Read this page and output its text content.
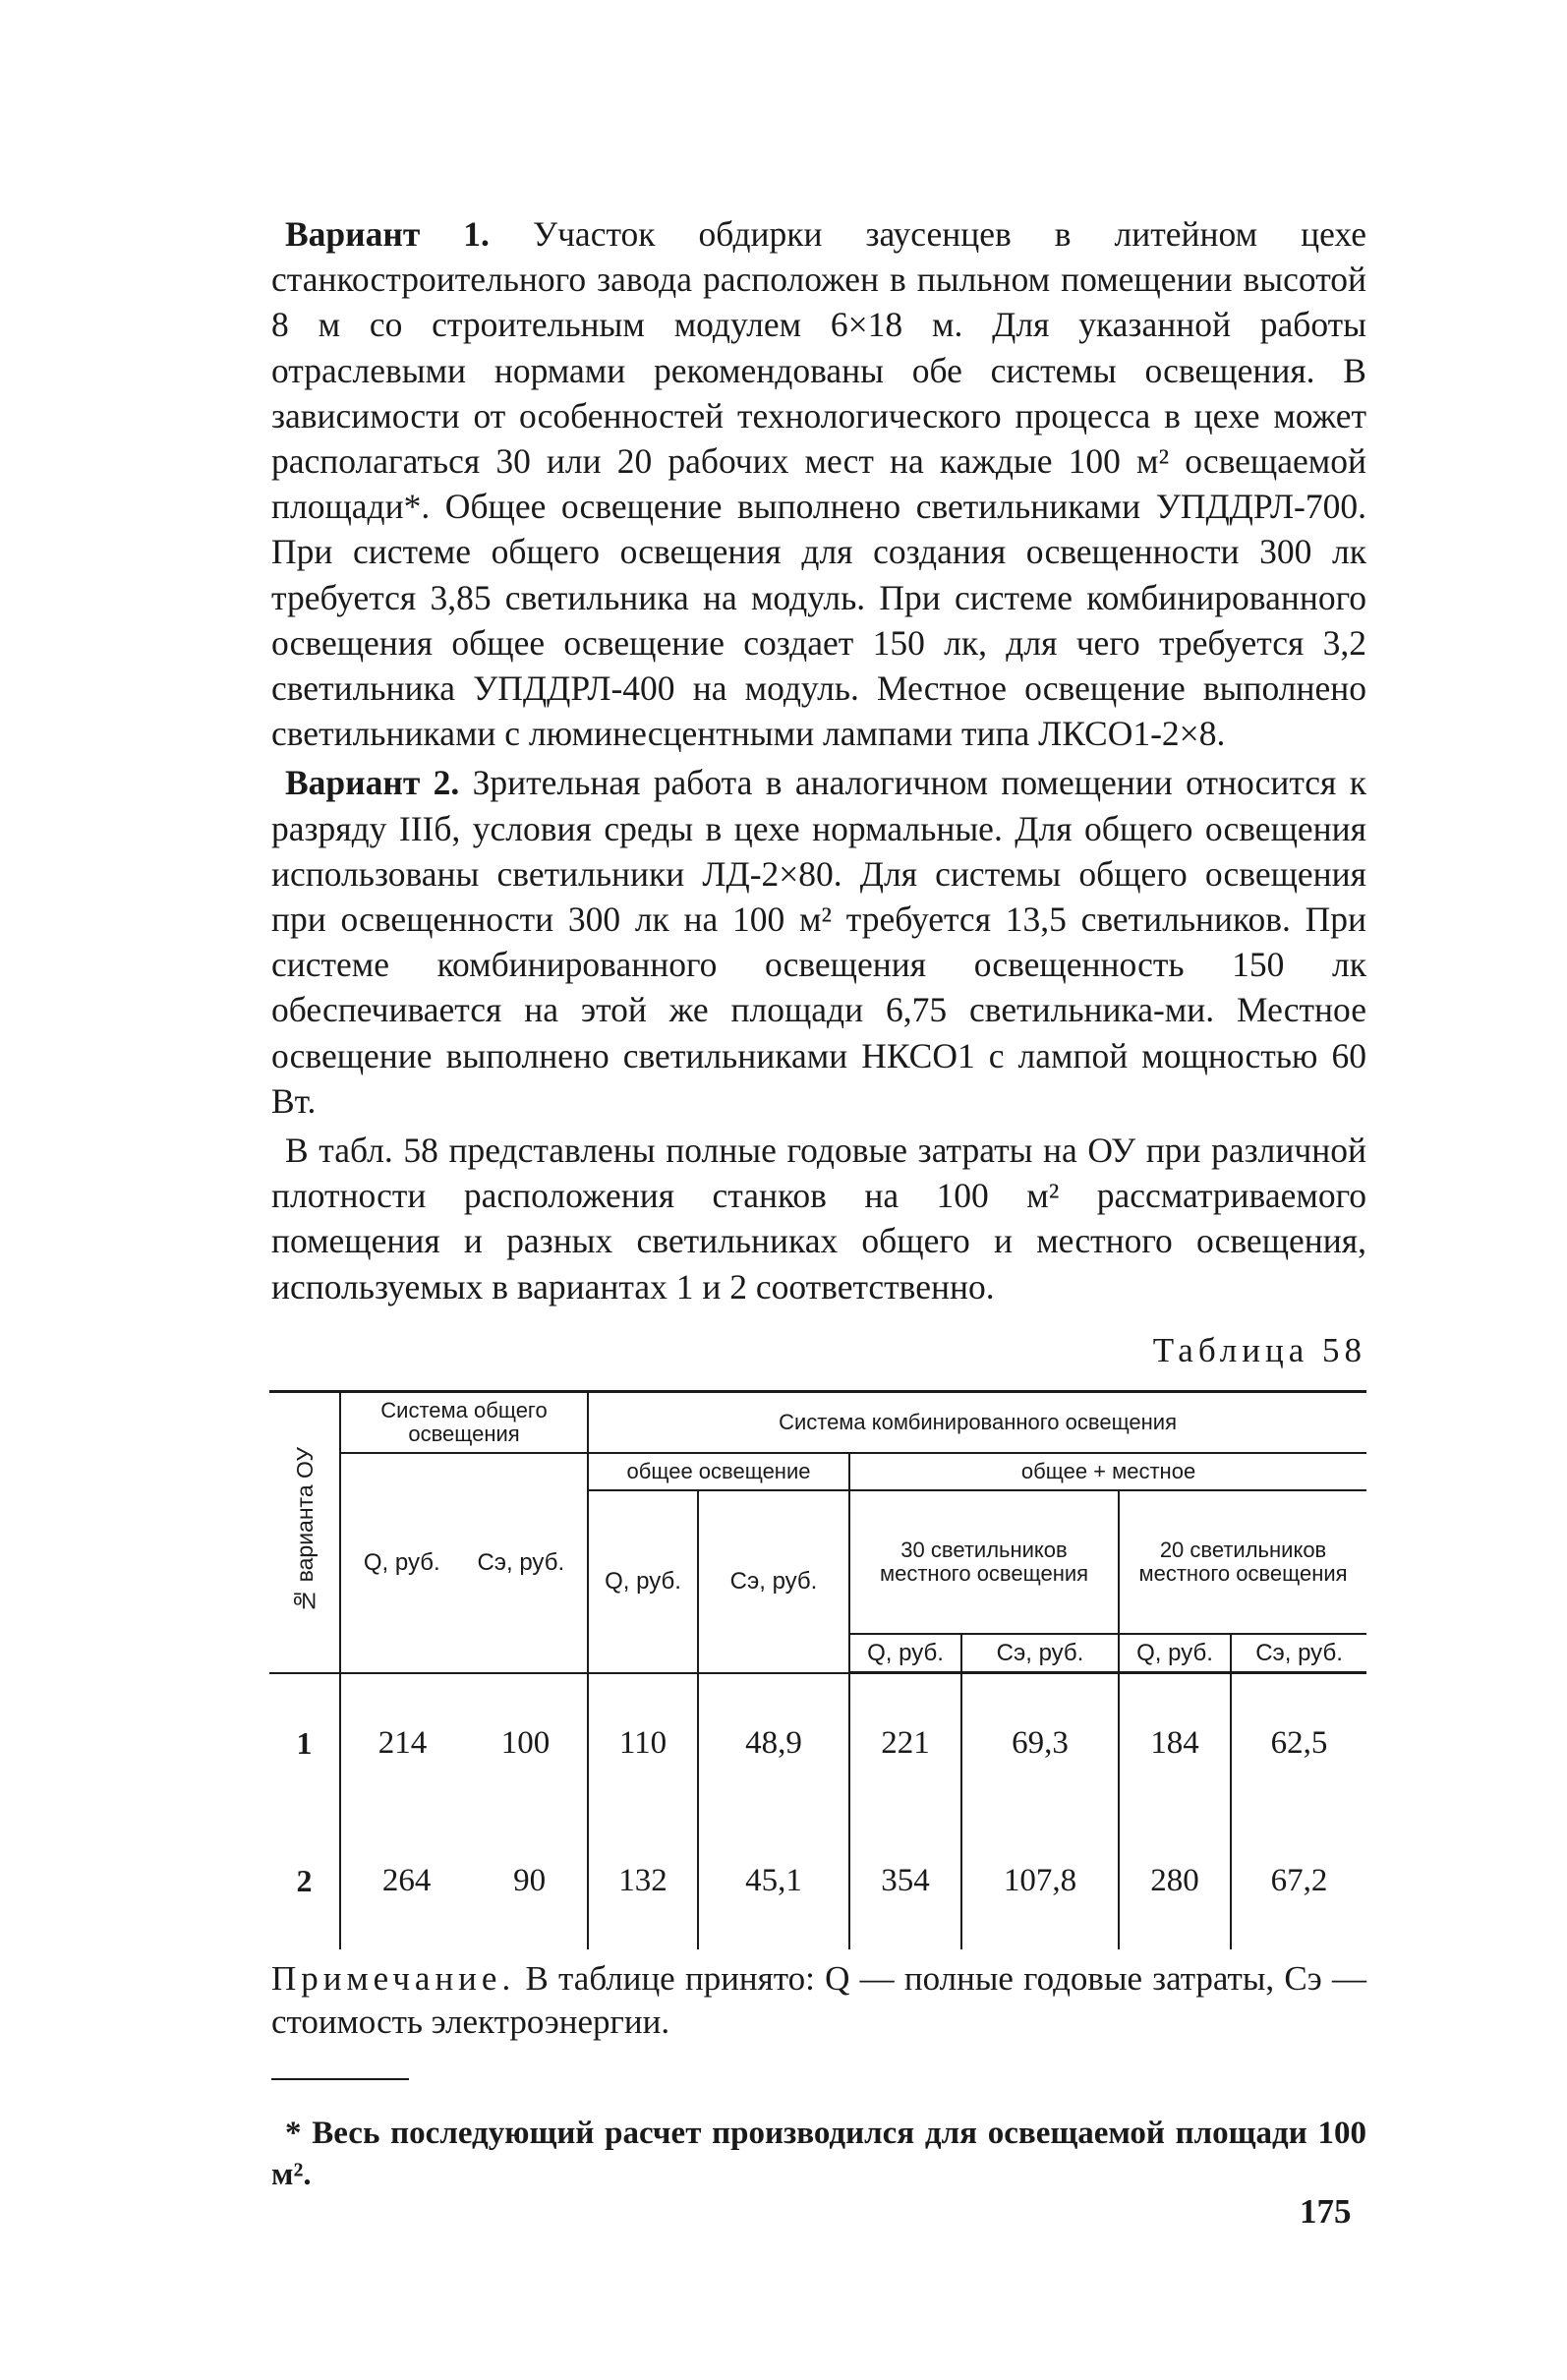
Вариант 1. Участок обдирки заусенцев в литейном цехе станкостроительного завода расположен в пыльном помещении высотой 8 м со строительным модулем 6×18 м. Для указанной работы отраслевыми нормами рекомендованы обе системы освещения. В зависимости от особенностей технологического процесса в цехе может располагаться 30 или 20 рабочих мест на каждые 100 м² освещаемой площади*. Общее освещение выполнено светильниками УПДДРЛ-700. При системе общего освещения для создания освещенности 300 лк требуется 3,85 светильника на модуль. При системе комбинированного освещения общее освещение создает 150 лк, для чего требуется 3,2 светильника УПДДРЛ-400 на модуль. Местное освещение выполнено светильниками с люминесцентными лампами типа ЛКСО1-2×8.

Вариант 2. Зрительная работа в аналогичном помещении относится к разряду IIIб, условия среды в цехе нормальные. Для общего освещения использованы светильники ЛД-2×80. Для системы общего освещения при освещенности 300 лк на 100 м² требуется 13,5 светильников. При системе комбинированного освещения освещенность 150 лк обеспечивается на этой же площади 6,75 светильника-ми. Местное освещение выполнено светильниками НКСО1 с лампой мощностью 60 Вт.

В табл. 58 представлены полные годовые затраты на ОУ при различной плотности расположения станков на 100 м² рассматриваемого помещения и разных светильниках общего и местного освещения, используемых в вариантах 1 и 2 соответственно.

Таблица 58
№ варианта ОУ	Система общего освещения	Система комбинированного освещения					

	Q, руб. Cэ, руб.	общее освещение		общее + местное			
		Q, руб.	Cэ, руб.	30 светильников местного освещения		20 светильников местного освещения	
				Q, руб.	Cэ, руб.	Q, руб.	Cэ, руб.
1	214 100	110	48,9	221	69,3	184	62,5
2	264 90	132	45,1	354	107,8	280	67,2

Примечание. В таблице принято: Q — полные годовые затраты, Cэ — стоимость электроэнергии.

* Весь последующий расчет производился для освещаемой площади 100 м².

175
